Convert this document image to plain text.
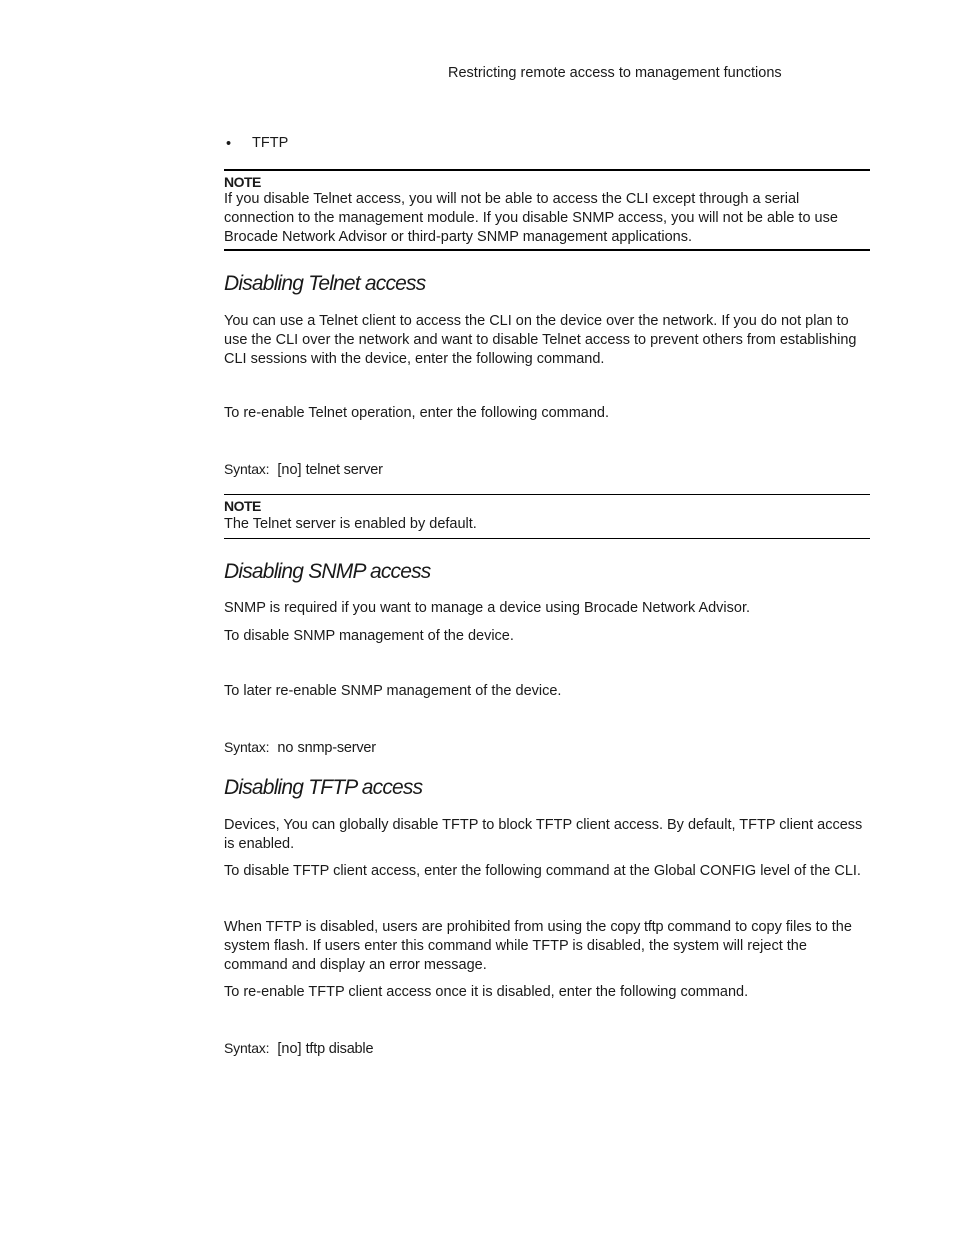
Restricting remote access to management functions
• TFTP
NOTE
If you disable Telnet access, you will not be able to access the CLI except through a serial connection to the management module. If you disable SNMP access, you will not be able to use Brocade Network Advisor or third-party SNMP management applications.
Disabling Telnet access
You can use a Telnet client to access the CLI on the device over the network. If you do not plan to use the CLI over the network and want to disable Telnet access to prevent others from establishing CLI sessions with the device, enter the following command.
To re-enable Telnet operation, enter the following command.
Syntax: [no] telnet server
NOTE
The Telnet server is enabled by default.
Disabling SNMP access
SNMP is required if you want to manage a device using Brocade Network Advisor.
To disable SNMP management of the device.
To later re-enable SNMP management of the device.
Syntax: no snmp-server
Disabling TFTP access
Devices, You can globally disable TFTP to block TFTP client access. By default, TFTP client access is enabled.
To disable TFTP client access, enter the following command at the Global CONFIG level of the CLI.
When TFTP is disabled, users are prohibited from using the copy tftp command to copy files to the system flash. If users enter this command while TFTP is disabled, the system will reject the command and display an error message.
To re-enable TFTP client access once it is disabled, enter the following command.
Syntax: [no] tftp disable
